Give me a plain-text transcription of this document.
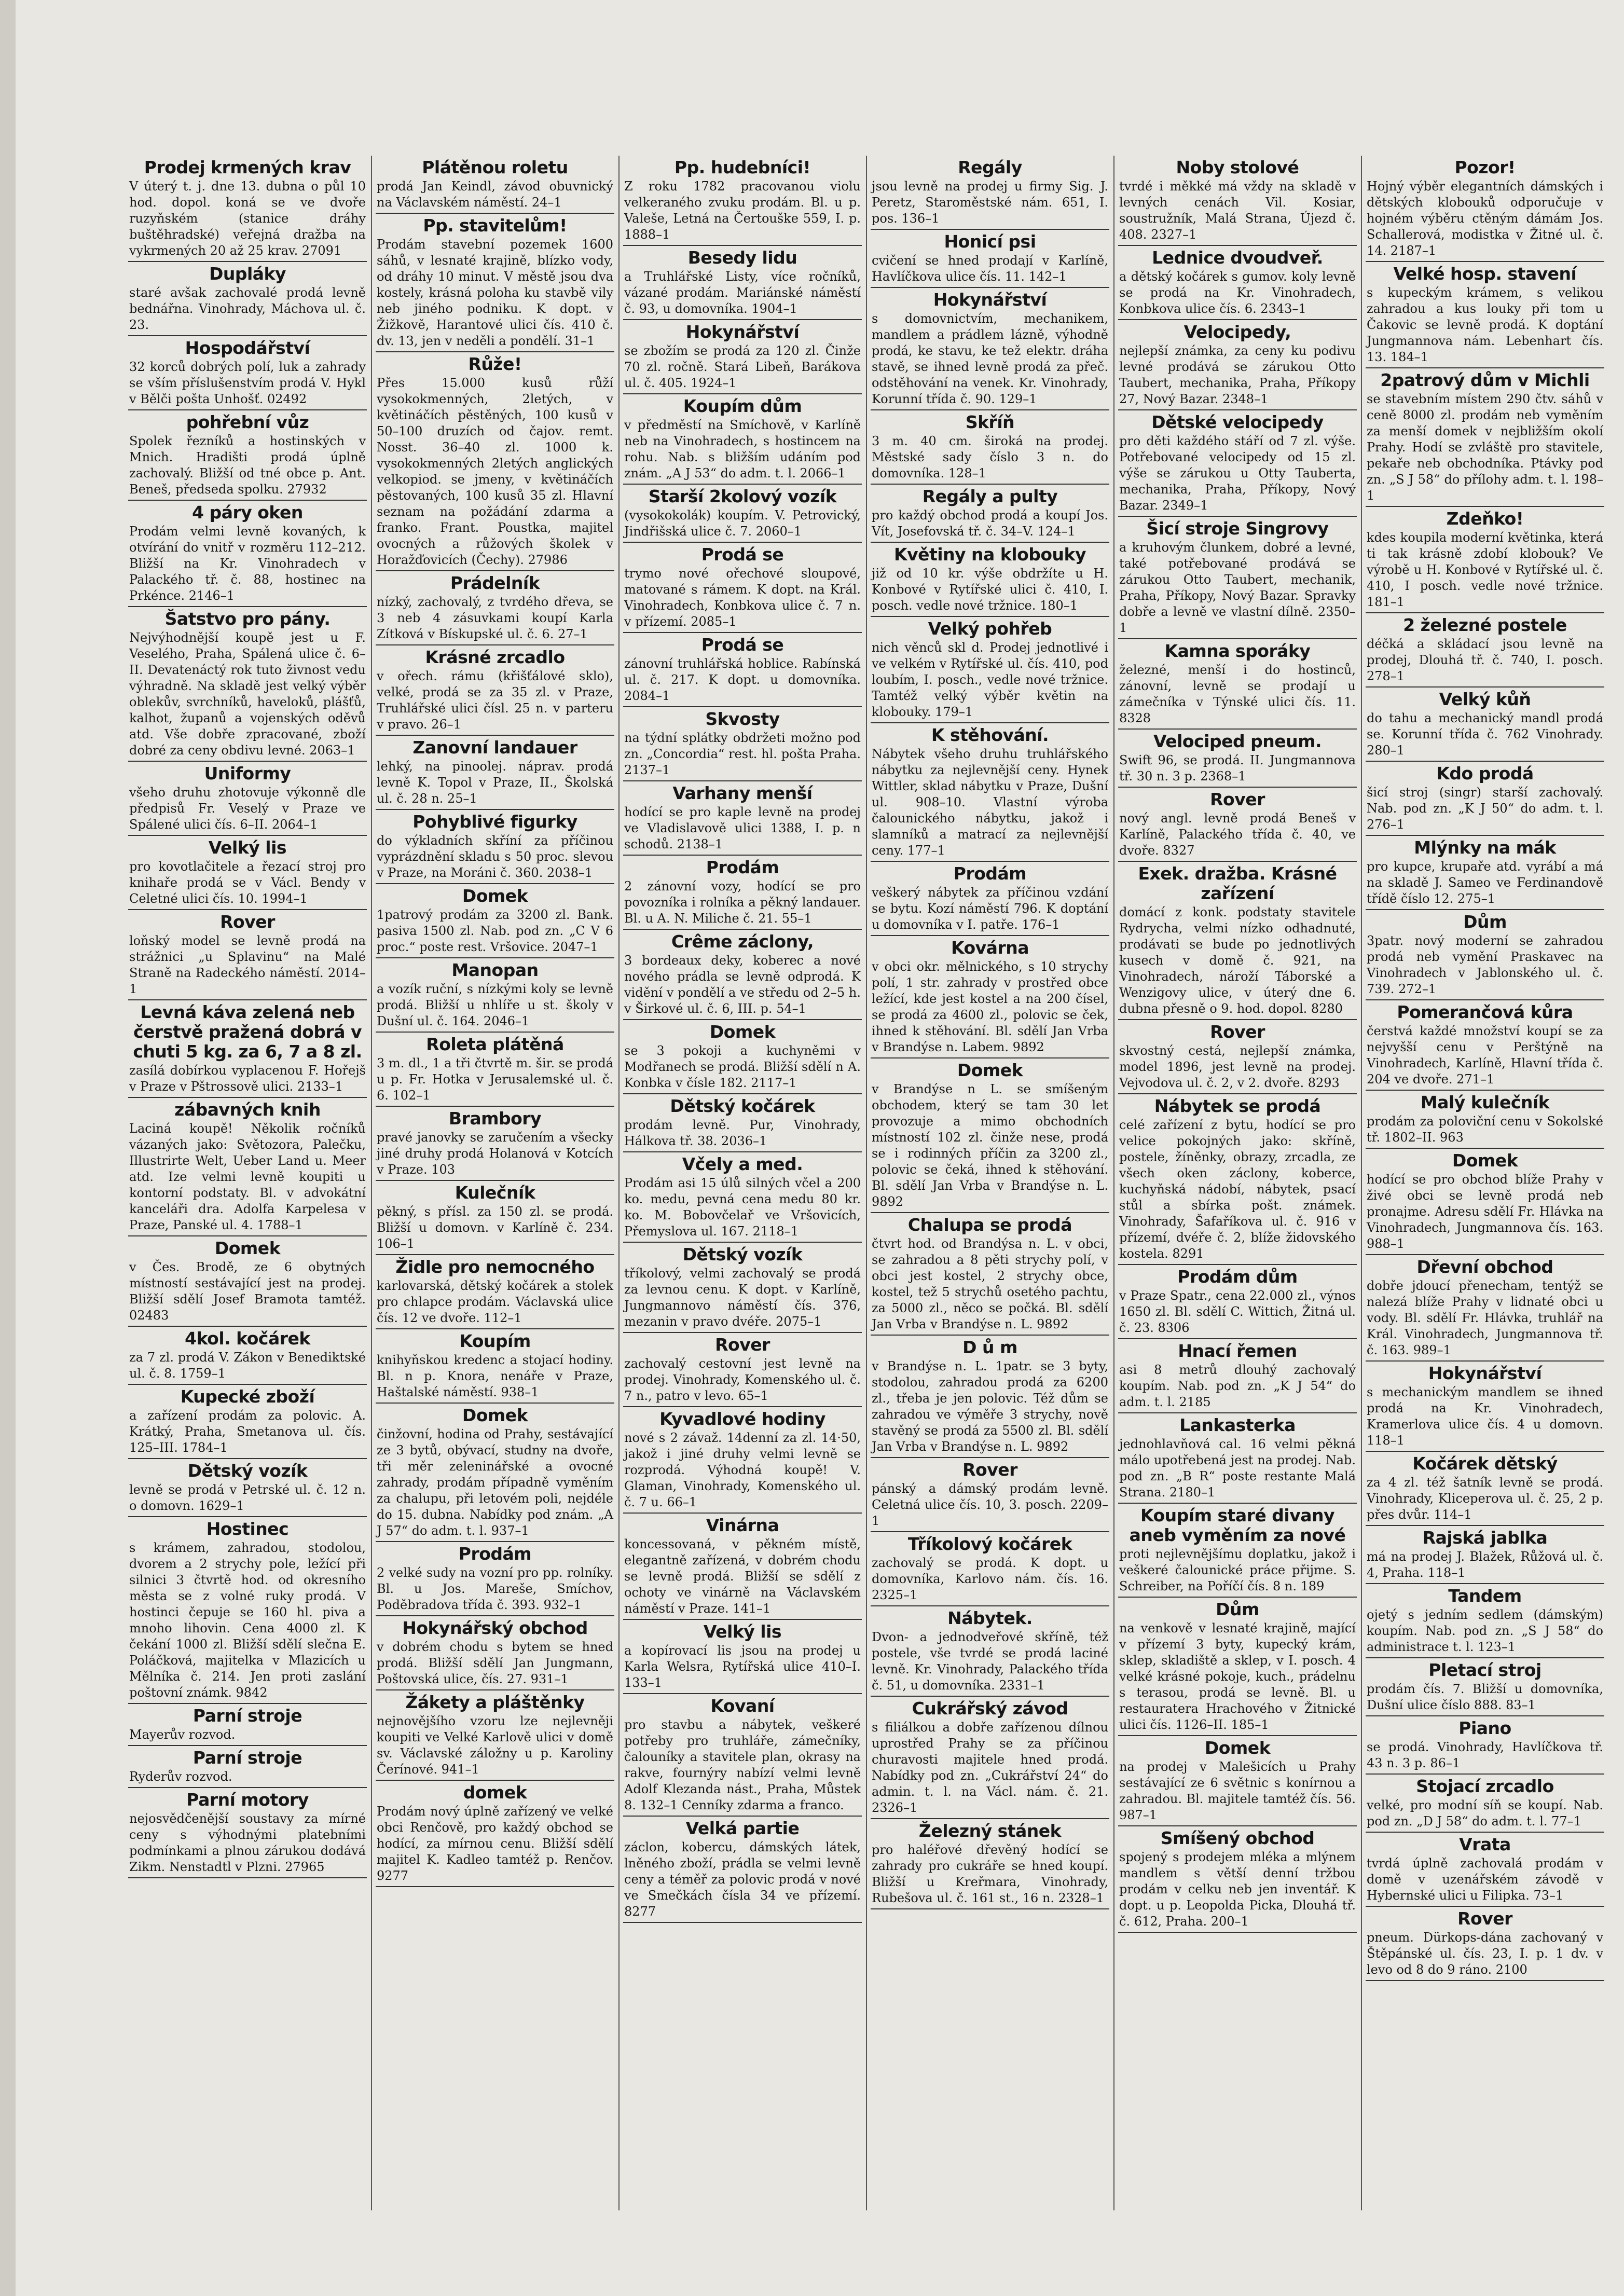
Prodej krmených krav

V úterý t. j. dne 13. dubna o půl 10 hod. dopol. koná se ve dvoře ruzyňském (stanice dráhy buštěhradské) veřejná dražba na vykrmených 20 až 25 krav. 27091

Dupláky

staré avšak zachovalé prodá levně bednářna. Vinohrady, Máchova ul. č. 23.

Hospodářství

32 korců dobrých polí, luk a zahrady se vším příslušenstvím prodá V. Hykl v Bělči pošta Unhošť. 02492

pohřební vůz

Spolek řezníků a hostinských v Mnich. Hradišti prodá úplně zachovalý. Bližší od tné obce p. Ant. Beneš, předseda spolku. 27932

4 páry oken

Prodám velmi levně kovaných, k otvírání do vnitř v rozměru 112–212. Bližší na Kr. Vinohradech v Palackého tř. č. 88, hostinec na Prkénce. 2146–1

Šatstvo pro pány.

Nejvýhodnější koupě jest u F. Veselého, Praha, Spálená ulice č. 6–II. Devatenáctý rok tuto živnost vedu výhradně. Na skladě jest velký výběr oblekův, svrchníků, haveloků, plášťů, kalhot, županů a vojenských oděvů atd. Vše dobře zpracované, zboží dobré za ceny obdivu levné. 2063–1

Uniformy

všeho druhu zhotovuje výkonně dle předpisů Fr. Veselý v Praze ve Spálené ulici čís. 6–II. 2064–1

Velký lis

pro kovotlačitele a řezací stroj pro knihaře prodá se v Václ. Bendy v Celetné ulici čís. 10. 1994–1

Rover

loňský model se levně prodá na strážnici „u Splavinu“ na Malé Straně na Radeckého náměstí. 2014–1

Levná káva zelená neb čerstvě pražená dobrá v chuti 5 kg. za 6, 7 a 8 zl.

zasílá dobírkou vyplacenou F. Hořejš v Praze v Pštrossově ulici. 2133–1

zábavných knih

Laciná koupě! Několik ročníků vázaných jako: Světozora, Palečku, Illustrirte Welt, Ueber Land u. Meer atd. Ize velmi levně koupiti u kontorní podstaty. Bl. v advokátní kanceláři dra. Adolfa Karpelesa v Praze, Panské ul. 4. 1788–1

Domek

v Čes. Brodě, ze 6 obytných místností sestávající jest na prodej. Bližší sdělí Josef Bramota tamtéž. 02483

4kol. kočárek

za 7 zl. prodá V. Zákon v Benediktské ul. č. 8. 1759–1

Kupecké zboží

a zařízení prodám za polovic. A. Krátký, Praha, Smetanova ul. čís. 125–III. 1784–1

Dětský vozík

levně se prodá v Petrské ul. č. 12 n. o domovn. 1629–1

Hostinec

s krámem, zahradou, stodolou, dvorem a 2 strychy pole, ležící při silnici 3 čtvrtě hod. od okresního města se z volné ruky prodá. V hostinci čepuje se 160 hl. piva a mnoho lihovin. Cena 4000 zl. K čekání 1000 zl. Bližší sdělí slečna E. Poláčková, majitelka v Mlazicích u Mělníka č. 214. Jen proti zaslání poštovní známk. 9842

Parní stroje

Mayerův rozvod.

Parní stroje

Ryderův rozvod.

Parní motory

nejosvědčenější soustavy za mírné ceny s výhodnými platebními podmínkami a plnou zárukou dodává Zikm. Nenstadtl v Plzni. 27965

Plátěnou roletu

prodá Jan Keindl, závod obuvnický na Václavském náměstí. 24–1

Pp. stavitelům!

Prodám stavební pozemek 1600 sáhů, v lesnaté krajině, blízko vody, od dráhy 10 minut. V městě jsou dva kostely, krásná poloha ku stavbě vily neb jiného podniku. K dopt. v Žižkově, Harantové ulici čís. 410 č. dv. 13, jen v neděli a pondělí. 31–1

Růže!

Přes 15.000 kusů růží vysokokmenných, 2letých, v květináčích pěstěných, 100 kusů v 50–100 druzích od čajov. remt. Nosst. 36–40 zl. 1000 k. vysokokmenných 2letých anglických velkopiod. se jmeny, v květináčích pěstovaných, 100 kusů 35 zl. Hlavní seznam na požádání zdarma a franko. Frant. Poustka, majitel ovocných a růžových školek v Horažďovicích (Čechy). 27986

Prádelník

nízký, zachovalý, z tvrdého dřeva, se 3 neb 4 zásuvkami koupí Karla Zítková v Bískupské ul. č. 6. 27–1

Krásné zrcadlo

v ořech. rámu (křišťálové sklo), velké, prodá se za 35 zl. v Praze, Truhlářské ulici čísl. 25 n. v parteru v pravo. 26–1

Zanovní landauer

lehký, na pinoolej. náprav. prodá levně K. Topol v Praze, II., Školská ul. č. 28 n. 25–1

Pohyblivé figurky

do výkladních skříní za příčinou vyprázdnění skladu s 50 proc. slevou v Praze, na Moráni č. 360. 2038–1

Domek

1patrový prodám za 3200 zl. Bank. pasiva 1500 zl. Nab. pod zn. „C V 6 proc.“ poste rest. Vršovice. 2047–1

Manopan

a vozík ruční, s nízkými koly se levně prodá. Bližší u nhlíře u st. školy v Dušní ul. č. 164. 2046–1

Roleta plátěná

3 m. dl., 1 a tři čtvrtě m. šir. se prodá u p. Fr. Hotka v Jerusalemské ul. č. 6. 102–1

Brambory

pravé janovky se zaručením a všecky jiné druhy prodá Holanová v Kotcích v Praze. 103

Kulečník

pěkný, s přísl. za 150 zl. se prodá. Bližší u domovn. v Karlíně č. 234. 106–1

Židle pro nemocného

karlovarská, dětský kočárek a stolek pro chlapce prodám. Václavská ulice čís. 12 ve dvoře. 112–1

Koupím

knihyňskou kredenc a stojací hodiny. Bl. n p. Knora, nenáře v Praze, Haštalské náměstí. 938–1

Domek

činžovní, hodina od Prahy, sestávající ze 3 bytů, obývací, studny na dvoře, tři měr zeleninářské a ovocné zahrady, prodám případně vyměním za chalupu, při letovém poli, nejdéle do 15. dubna. Nabídky pod znám. „A J 57“ do adm. t. l. 937–1

Prodám

2 velké sudy na vozní pro pp. rolníky. Bl. u Jos. Mareše, Smíchov, Poděbradova třída č. 393. 932–1

Hokynářský obchod

v dobrém chodu s bytem se hned prodá. Bližší sdělí Jan Jungmann, Poštovská ulice, čís. 27. 931–1

Žákety a pláštěnky

nejnovějšího vzoru lze nejlevněji koupiti ve Velké Karlově ulici v domě sv. Václavské záložny u p. Karoliny Čerínové. 941–1

domek

Prodám nový úplně zařízený ve velké obci Renčově, pro každý obchod se hodící, za mírnou cenu. Bližší sdělí majitel K. Kadleo tamtéž p. Renčov. 9277

Pp. hudebníci!

Z roku 1782 pracovanou violu velkeraného zvuku prodám. Bl. u p. Valeše, Letná na Čertouške 559, I. p. 1888–1

Besedy lidu

a Truhlářské Listy, více ročníků, vázané prodám. Mariánské náměstí č. 93, u domovníka. 1904–1

Hokynářství

se zbožím se prodá za 120 zl. Činže 70 zl. ročně. Stará Libeň, Barákova ul. č. 405. 1924–1

Koupím dům

v předměstí na Smíchově, v Karlíně neb na Vinohradech, s hostincem na rohu. Nab. s bližším udáním pod znám. „A J 53“ do adm. t. l. 2066–1

Starší 2kolový vozík

(vysokokolák) koupím. V. Petrovický, Jindřišská ulice č. 7. 2060–1

Prodá se

trymo nové ořechové sloupové, matované s rámem. K dopt. na Král. Vinohradech, Konbkova ulice č. 7 n. v přízemí. 2085–1

Prodá se

zánovní truhlářská hoblice. Rabínská ul. č. 217. K dopt. u domovníka. 2084–1

Skvosty

na týdní splátky obdržeti možno pod zn. „Concordia“ rest. hl. pošta Praha. 2137–1

Varhany menší

hodící se pro kaple levně na prodej ve Vladislavově ulici 1388, I. p. n schodů. 2138–1

Prodám

2 zánovní vozy, hodící se pro povozníka i rolníka a pěkný landauer. Bl. u A. N. Miliche č. 21. 55–1

Crême záclony,

3 bordeaux deky, koberec a nové nového prádla se levně odprodá. K vidění v pondělí a ve středu od 2–5 h. v Širkové ul. č. 6, III. p. 54–1

Domek

se 3 pokoji a kuchyněmi v Modřanech se prodá. Bližší sdělí n A. Konbka v čísle 182. 2117–1

Dětský kočárek

prodám levně. Pur, Vinohrady, Hálkova tř. 38. 2036–1

Včely a med.

Prodám asi 15 úlů silných včel a 200 ko. medu, pevná cena medu 80 kr. ko. M. Bobovčelař ve Vršovicích, Přemyslova ul. 167. 2118–1

Dětský vozík

tříkolový, velmi zachovalý se prodá za levnou cenu. K dopt. v Karlíně, Jungmannovo náměstí čís. 376, mezanin v pravo dvéře. 2075–1

Rover

zachovalý cestovní jest levně na prodej. Vinohrady, Komenského ul. č. 7 n., patro v levo. 65–1

Kyvadlové hodiny

nové s 2 závaž. 14denní za zl. 14·50, jakož i jiné druhy velmi levně se rozprodá. Výhodná koupě! V. Glaman, Vinohrady, Komenského ul. č. 7 u. 66–1

Vinárna

koncessovaná, v pěkném místě, elegantně zařízená, v dobrém chodu se levně prodá. Bližší se sdělí z ochoty ve vinárně na Václavském náměstí v Praze. 141–1

Velký lis

a kopírovací lis jsou na prodej u Karla Welsra, Rytířská ulice 410–I. 133–1

Kovaní

pro stavbu a nábytek, veškeré potřeby pro truhláře, zámečníky, čalouníky a stavitele plan, okrasy na rakve, fournýry nabízí velmi levně Adolf Klezanda nást., Praha, Můstek 8. 132–1 Cenníky zdarma a franco.

Velká partie

záclon, kobercu, dámských látek, lněného zboží, prádla se velmi levně ceny a téměř za polovic prodá v nové ve Smečkách čísla 34 ve přízemí. 8277

Regály

jsou levně na prodej u firmy Sig. J. Peretz, Staroměstské nám. 651, I. pos. 136–1

Honicí psi

cvičení se hned prodají v Karlíně, Havlíčkova ulice čís. 11. 142–1

Hokynářství

s domovnictvím, mechanikem, mandlem a prádlem lázně, výhodně prodá, ke stavu, ke tež elektr. dráha stavě, se ihned levně prodá za přeč. odstěhování na venek. Kr. Vinohrady, Korunní třída č. 90. 129–1

Skříň

3 m. 40 cm. široká na prodej. Městské sady číslo 3 n. do domovníka. 128–1

Regály a pulty

pro každý obchod prodá a koupí Jos. Vít, Josefovská tř. č. 34–V. 124–1

Květiny na klobouky

již od 10 kr. výše obdržíte u H. Konbové v Rytířské ulici č. 410, I. posch. vedle nové tržnice. 180–1

Velký pohřeb

nich věnců skl d. Prodej jednotlivé i ve velkém v Rytířské ul. čís. 410, pod loubím, I. posch., vedle nové tržnice. Tamtéž velký výběr květin na klobouky. 179–1

K stěhování.

Nábytek všeho druhu truhlářského nábytku za nejlevnější ceny. Hynek Wittler, sklad nábytku v Praze, Dušní ul. 908–10. Vlastní výroba čalounického nábytku, jakož i slamníků a matrací za nejlevnější ceny. 177–1

Prodám

veškerý nábytek za příčinou vzdání se bytu. Kozí náměstí 796. K doptání u domovníka v I. patře. 176–1

Kovárna

v obci okr. mělnického, s 10 strychy polí, 1 str. zahrady v prostřed obce ležící, kde jest kostel a na 200 čísel, se prodá za 4600 zl., polovic se ček, ihned k stěhování. Bl. sdělí Jan Vrba v Brandýse n. Labem. 9892

Domek

v Brandýse n L. se smíšeným obchodem, který se tam 30 let provozuje a mimo obchodních místností 102 zl. činže nese, prodá se i rodinných příčin za 3200 zl., polovic se čeká, ihned k stěhování. Bl. sdělí Jan Vrba v Brandýse n. L. 9892

Chalupa se prodá

čtvrt hod. od Brandýsa n. L. v obci, se zahradou a 8 pěti strychy polí, v obci jest kostel, 2 strychy obce, kostel, tež 5 strychů osetého pachtu, za 5000 zl., něco se počká. Bl. sdělí Jan Vrba v Brandýse n. L. 9892

D ů m

v Brandýse n. L. 1patr. se 3 byty, stodolou, zahradou prodá za 6200 zl., třeba je jen polovic. Též dům se zahradou ve výměře 3 strychy, nově stavěný se prodá za 5500 zl. Bl. sdělí Jan Vrba v Brandýse n. L. 9892

Rover

pánský a dámský prodám levně. Celetná ulice čís. 10, 3. posch. 2209–1

Tříkolový kočárek

zachovalý se prodá. K dopt. u domovníka, Karlovo nám. čís. 16. 2325–1

Nábytek.

Dvon- a jednodveřové skříně, též postele, vše tvrdé se prodá laciné levně. Kr. Vinohrady, Palackého třída č. 51, u domovníka. 2331–1

Cukrářský závod

s filiálkou a dobře zařízenou dílnou uprostřed Prahy se za příčinou churavosti majitele hned prodá. Nabídky pod zn. „Cukrářství 24“ do admin. t. l. na Václ. nám. č. 21. 2326–1

Železný stánek

pro haléřové dřevěný hodící se zahrady pro cukráře se hned koupí. Bližší u Kreřmara, Vinohrady, Rubešova ul. č. 161 st., 16 n. 2328–1

Noby stolové

tvrdé i měkké má vždy na skladě v levných cenách Vil. Kosiar, soustružník, Malá Strana, Újezd č. 408. 2327–1

Lednice dvoudveř.

a dětský kočárek s gumov. koly levně se prodá na Kr. Vinohradech, Konbkova ulice čís. 6. 2343–1

Velocipedy,

nejlepší známka, za ceny ku podivu levné prodává se zárukou Otto Taubert, mechanika, Praha, Příkopy 27, Nový Bazar. 2348–1

Dětské velocipedy

pro děti každého stáří od 7 zl. výše. Potřebované velocipedy od 15 zl. výše se zárukou u Otty Tauberta, mechanika, Praha, Příkopy, Nový Bazar. 2349–1

Šicí stroje Singrovy

a kruhovým člunkem, dobré a levné, také potřebované prodává se zárukou Otto Taubert, mechanik, Praha, Příkopy, Nový Bazar. Spravky dobře a levně ve vlastní dílně. 2350–1

Kamna sporáky

železné, menší i do hostinců, zánovní, levně se prodají u zámečníka v Týnské ulici čís. 11. 8328

Velociped pneum.

Swift 96, se prodá. II. Jungmannova tř. 30 n. 3 p. 2368–1

Rover

nový angl. levně prodá Beneš v Karlíně, Palackého třída č. 40, ve dvoře. 8327

Exek. dražba. Krásné zařízení

domácí z konk. podstaty stavitele Rydrycha, velmi nízko odhadnuté, prodávati se bude po jednotlivých kusech v domě č. 921, na Vinohradech, nároží Táborské a Wenzigovy ulice, v úterý dne 6. dubna přesně o 9. hod. dopol. 8280

Rover

skvostný cestá, nejlepší známka, model 1896, jest levně na prodej. Vejvodova ul. č. 2, v 2. dvoře. 8293

Nábytek se prodá

celé zařízení z bytu, hodící se pro velice pokojných jako: skříně, postele, žíněnky, obrazy, zrcadla, ze všech oken záclony, koberce, kuchyňská nádobí, nábytek, psací stůl a sbírka pošt. známek. Vinohrady, Šafaříkova ul. č. 916 v přízemí, dvéře č. 2, blíže židovského kostela. 8291

Prodám dům

v Praze Spatr., cena 22.000 zl., výnos 1650 zl. Bl. sdělí C. Wittich, Žitná ul. č. 23. 8306

Hnací řemen

asi 8 metrů dlouhý zachovalý koupím. Nab. pod zn. „K J 54“ do adm. t. l. 2185

Lankasterka

jednohlavňová cal. 16 velmi pěkná málo upotřebená jest na prodej. Nab. pod zn. „B R“ poste restante Malá Strana. 2180–1

Koupím staré divany aneb vyměním za nové

proti nejlevnějšímu doplatku, jakož i veškeré čalounické práce přijme. S. Schreiber, na Poříčí čís. 8 n. 189

Dům

na venkově v lesnaté krajině, mající v přízemí 3 byty, kupecký krám, sklep, skladiště a sklep, v I. posch. 4 velké krásné pokoje, kuch., prádelnu s terasou, prodá se levně. Bl. u restauratera Hrachového v Žitnické ulici čís. 1126–II. 185–1

Domek

na prodej v Malešicích u Prahy sestávající ze 6 světnic s konírnou a zahradou. Bl. majitele tamtéž čís. 56. 987–1

Smíšený obchod

spojený s prodejem mléka a mlýnem mandlem s větší denní tržbou prodám v celku neb jen inventář. K dopt. u p. Leopolda Picka, Dlouhá tř. č. 612, Praha. 200–1

Pozor!

Hojný výběr elegantních dámských i dětských klobouků odporučuje v hojném výběru ctěným dámám Jos. Schallerová, modistka v Žitné ul. č. 14. 2187–1

Velké hosp. stavení

s kupeckým krámem, s velikou zahradou a kus louky při tom u Čakovic se levně prodá. K doptání Jungmannova nám. Lebenhart čís. 13. 184–1

2patrový dům v Michli

se stavebním místem 290 čtv. sáhů v ceně 8000 zl. prodám neb vyměním za menší domek v nejbližším okolí Prahy. Hodí se zvláště pro stavitele, pekaře neb obchodníka. Ptávky pod zn. „S J 58“ do přílohy adm. t. l. 198–1

Zdeňko!

kdes koupila moderní květinka, která ti tak krásně zdobí klobouk? Ve výrobě u H. Konbové v Rytířské ul. č. 410, I posch. vedle nové tržnice. 181–1

2 železné postele

déčká a skládací jsou levně na prodej, Dlouhá tř. č. 740, I. posch. 278–1

Velký kůň

do tahu a mechanický mandl prodá se. Korunní třída č. 762 Vinohrady. 280–1

Kdo prodá

šicí stroj (singr) starší zachovalý. Nab. pod zn. „K J 50“ do adm. t. l. 276–1

Mlýnky na mák

pro kupce, krupaře atd. vyrábí a má na skladě J. Sameo ve Ferdinandově třídě číslo 12. 275–1

Dům

3patr. nový moderní se zahradou prodá neb vymění Praskavec na Vinohradech v Jablonského ul. č. 739. 272–1

Pomerančová kůra

čerstvá každé množství koupí se za nejvyšší cenu v Perštýně na Vinohradech, Karlíně, Hlavní třída č. 204 ve dvoře. 271–1

Malý kulečník

prodám za poloviční cenu v Sokolské tř. 1802–II. 963

Domek

hodící se pro obchod blíže Prahy v živé obci se levně prodá neb pronajme. Adresu sdělí Fr. Hlávka na Vinohradech, Jungmannova čís. 163. 988–1

Dřevní obchod

dobře jdoucí přenecham, tentýž se nalezá blíže Prahy v lidnaté obci u vody. Bl. sdělí Fr. Hlávka, truhlář na Král. Vinohradech, Jungmannova tř. č. 163. 989–1

Hokynářství

s mechanickým mandlem se ihned prodá na Kr. Vinohradech, Kramerlova ulice čís. 4 u domovn. 118–1

Kočárek dětský

za 4 zl. též šatník levně se prodá. Vinohrady, Kliceperova ul. č. 25, 2 p. přes dvůr. 114–1

Rajská jablka

má na prodej J. Blažek, Růžová ul. č. 4, Praha. 118–1

Tandem

ojetý s jedním sedlem (dámským) koupím. Nab. pod zn. „S J 58“ do administrace t. l. 123–1

Pletací stroj

prodám čís. 7. Bližší u domovníka, Dušní ulice číslo 888. 83–1

Piano

se prodá. Vinohrady, Havlíčkova tř. 43 n. 3 p. 86–1

Stojací zrcadlo

velké, pro modní síň se koupí. Nab. pod zn. „D J 58“ do adm. t. l. 77–1

Vrata

tvrdá úplně zachovalá prodám v domě v uzenářském závodě v Hybernské ulici u Filipka. 73–1

Rover

pneum. Dürkops-dána zachovaný v Štěpánské ul. čís. 23, I. p. 1 dv. v levo od 8 do 9 ráno. 2100
